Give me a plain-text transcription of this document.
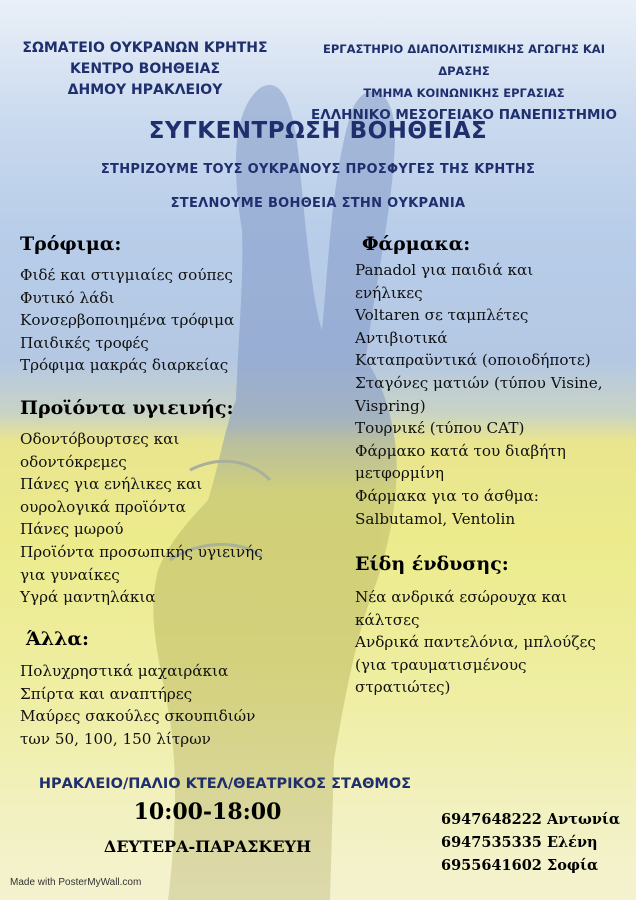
ΣΩΜΑΤΕΙΟ ΟΥΚΡΑΝΩΝ ΚΡΗΤΗΣ
ΚΕΝΤΡΟ ΒΟΗΘΕΙΑΣ
ΔΗΜΟΥ ΗΡΑΚΛΕΙΟΥ
ΕΡΓΑΣΤΗΡΙΟ ΔΙΑΠΟΛΙΤΙΣΜΙΚΗΣ ΑΓΩΓΗΣ ΚΑΙ ΔΡΑΣΗΣ
ΤΜΗΜΑ ΚΟΙΝΩΝΙΚΗΣ ΕΡΓΑΣΙΑΣ
ΕΛΛΗΝΙΚΟ ΜΕΣΟΓΕΙΑΚΟ ΠΑΝΕΠΙΣΤΗΜΙΟ
ΣΥΓΚΕΝΤΡΩΣΗ ΒΟΗΘΕΙΑΣ
ΣΤΗΡΙΖΟΥΜΕ ΤΟΥΣ ΟΥΚΡΑΝΟΥΣ ΠΡΟΣΦΥΓΕΣ ΤΗΣ ΚΡΗΤΗΣ
ΣΤΕΛΝΟΥΜΕ ΒΟΗΘΕΙΑ ΣΤΗΝ ΟΥΚΡΑΝΙΑ
Τρόφιμα:
Φιδέ και στιγμιαίες σούπες
Φυτικό λάδι
Κονσερβοποιημένα τρόφιμα
Παιδικές τροφές
Τρόφιμα μακράς διαρκείας
Προϊόντα υγιεινής:
Οδοντόβουρτσες και
οδοντόκρεμες
Πάνες για ενήλικες και
ουρολογικά προϊόντα
Πάνες μωρού
Προϊόντα προσωπικής υγιεινής
για γυναίκες
Υγρά μαντηλάκια
Άλλα:
Πολυχρηστικά μαχαιράκια
Σπίρτα και αναπτήρες
Μαύρες σακούλες σκουπιδιών
των 50, 100, 150 λίτρων
Φάρμακα:
Panadol για παιδιά και
ενήλικες
Voltaren σε ταμπλέτες
Αντιβιοτικά
Καταπραϋντικά (οποιοδήποτε)
Σταγόνες ματιών (τύπου Visine,
Vispring)
Τουρνικέ (τύπου CAT)
Φάρμακο κατά του διαβήτη
μετφορμίνη
Φάρμακα για το άσθμα:
Salbutamol, Ventolin
Είδη ένδυσης:
Νέα ανδρικά εσώρουχα και
κάλτσες
Ανδρικά παντελόνια, μπλούζες
(για τραυματισμένους
στρατιώτες)
ΗΡΑΚΛΕΙΟ/ΠΑΛΙΟ ΚΤΕΛ/ΘΕΑΤΡΙΚΟΣ ΣΤΑΘΜΟΣ
10:00-18:00
ΔΕΥΤΕΡΑ-ΠΑΡΑΣΚΕΥΗ
6947648222 Αντωνία
6947535335 Ελένη
6955641602 Σοφία
Made with PosterMyWall.com
